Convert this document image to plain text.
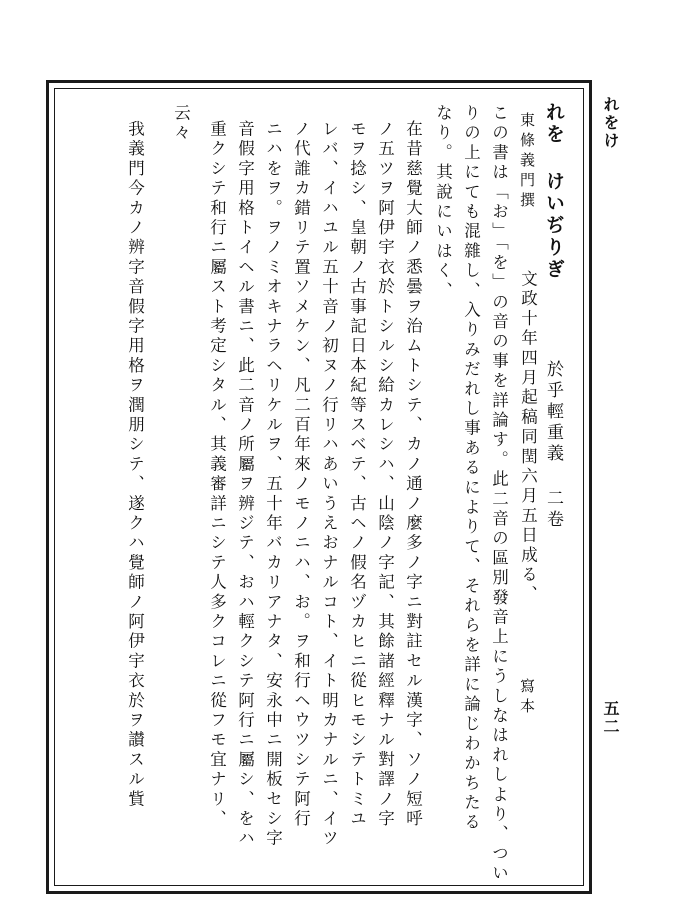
れをけ
五二
れを けいぢりぎ
於乎輕重義 二卷
東條義門撰
文政十年四月起稿同閏六月五日成る、
寫本
この書は「お」「を」の音の事を詳論す。此二音の區別發音上にうしなはれしより、つい
りの上にても混雜し、入りみだれし事あるによりて、それらを詳に論じわかちたる
なり。其說にいはく、
在昔慈覺大師ノ悉曇ヲ治ムトシテ、カノ通ノ麼多ノ字ニ對註セル漢字、ソノ短呼
ノ五ツヲ阿伊宇衣於トシルシ給カレシハ、山陰ノ字記、其餘諸經釋ナル對譯ノ字
モヲ捻シ、皇朝ノ古事記日本紀等スベテ、古ヘノ假名ヅカヒニ從ヒモシテトミユ
レバ、イハユル五十音ノ初ヌノ行リハあいうえおナルコト、イト明カナルニ、イツ
ノ代誰カ錯リテ置ソメケン、凡二百年來ノモノニハ、お。ヲ和行ヘウツシテ阿行
ニハをヲ。ヲノミオキナラヘリケルヲ、五十年バカリアナタ、安永中ニ開板セシ字
音假字用格トイヘル書ニ、此二音ノ所屬ヲ辨ジテ、おハ輕クシテ阿行ニ屬シ、をハ
重クシテ和行ニ屬スト考定シタル、其義審詳ニシテ人多クコレニ從フモ宜ナリ、
云々
我義門今カノ辨字音假字用格ヲ潤朋シテ、遂クハ覺師ノ阿伊宇衣於ヲ讃スル貲
